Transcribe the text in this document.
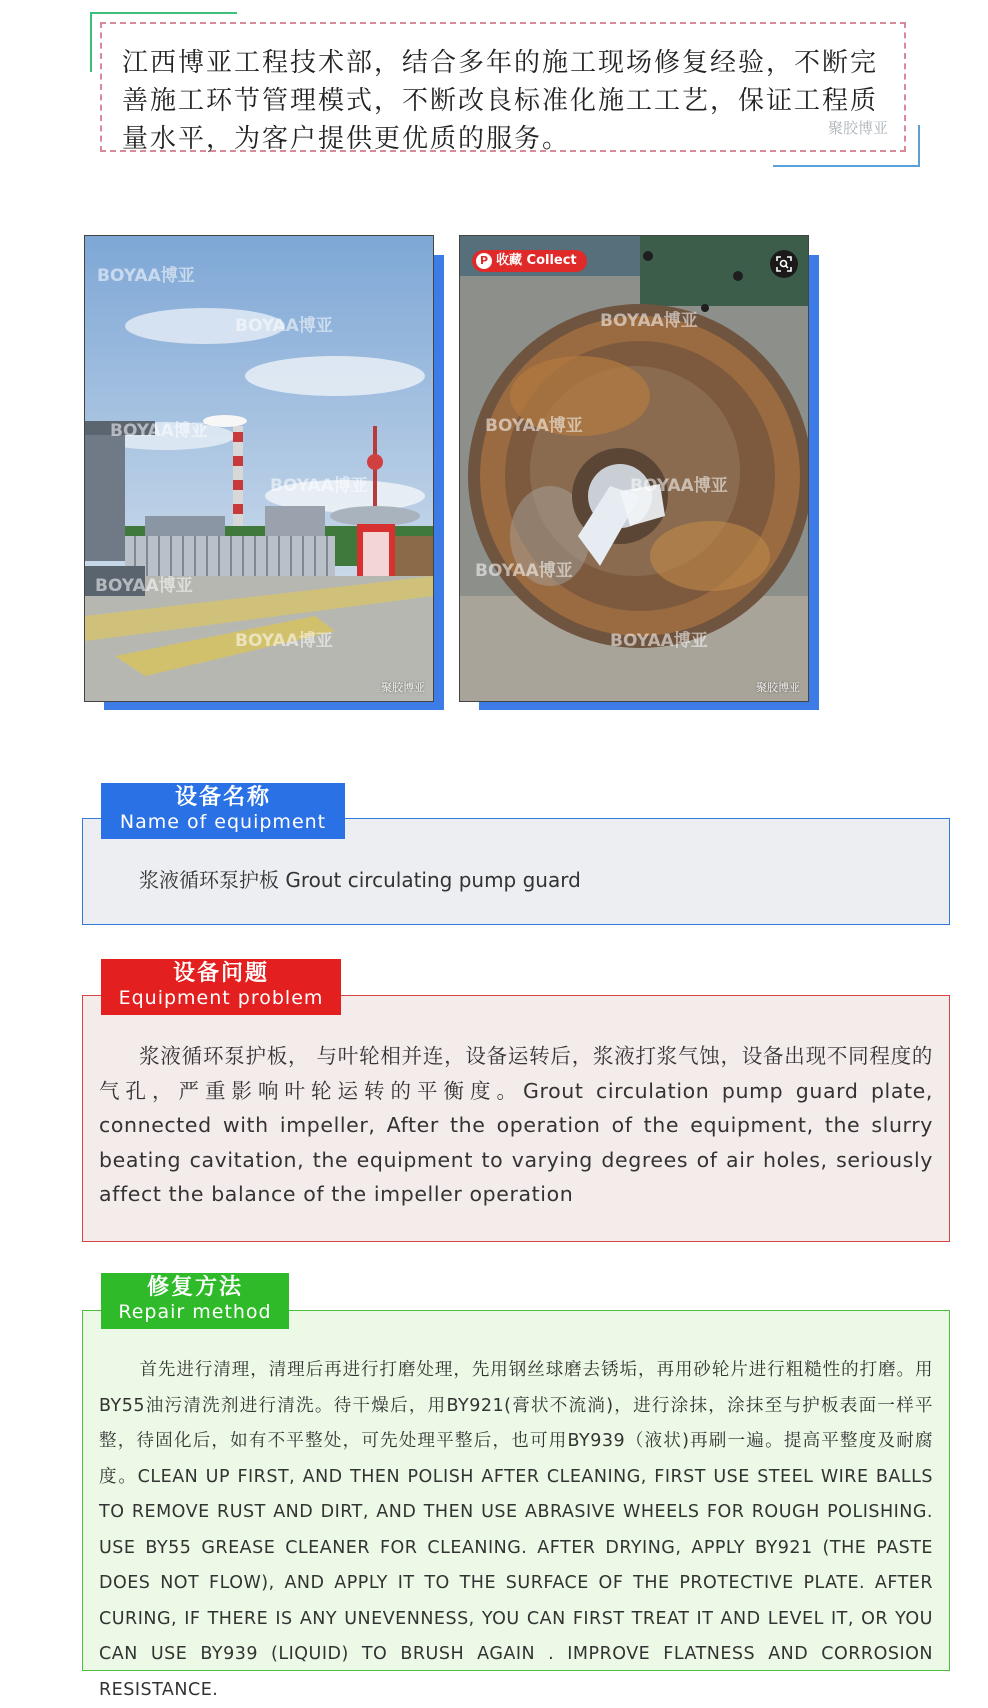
江西博亚工程技术部，结合多年的施工现场修复经验，不断完善施工环节管理模式，不断改良标准化施工工艺，保证工程质量水平，为客户提供更优质的服务。	聚胶博亚
BOYAA博亚
BOYAA博亚
BOYAA博亚
BOYAA博亚
BOYAA博亚
BOYAA博亚
聚胶博亚
BOYAA博亚
BOYAA博亚
BOYAA博亚
BOYAA博亚
BOYAA博亚
P 收藏 Collect
聚胶博亚
设备名称
Name of equipment
浆液循环泵护板 Grout circulating pump guard
设备问题
Equipment problem
浆液循环泵护板， 与叶轮相并连，设备运转后，浆液打浆气蚀，设备出现不同程度的气孔，严重影响叶轮运转的平衡度。Grout circulation pump guard plate, connected with impeller, After the operation of the equipment, the slurry beating cavitation, the equipment to varying degrees of air holes, seriously affect the balance of the impeller operation
修复方法
Repair method
首先进行清理，清理后再进行打磨处理，先用钢丝球磨去锈垢，再用砂轮片进行粗糙性的打磨。用BY55油污清洗剂进行清洗。待干燥后，用BY921(膏状不流淌)，进行涂抹，涂抹至与护板表面一样平整，待固化后，如有不平整处，可先处理平整后，也可用BY939（液状)再刷一遍。提高平整度及耐腐度。CLEAN UP FIRST, AND THEN POLISH AFTER CLEANING, FIRST USE STEEL WIRE BALLS TO REMOVE RUST AND DIRT, AND THEN USE ABRASIVE WHEELS FOR ROUGH POLISHING. USE BY55 GREASE CLEANER FOR CLEANING. AFTER DRYING, APPLY BY921 (THE PASTE DOES NOT FLOW), AND APPLY IT TO THE SURFACE OF THE PROTECTIVE PLATE. AFTER CURING, IF THERE IS ANY UNEVENNESS, YOU CAN FIRST TREAT IT AND LEVEL IT, OR YOU CAN USE BY939 (LIQUID) TO BRUSH AGAIN . IMPROVE FLATNESS AND CORROSION RESISTANCE.
